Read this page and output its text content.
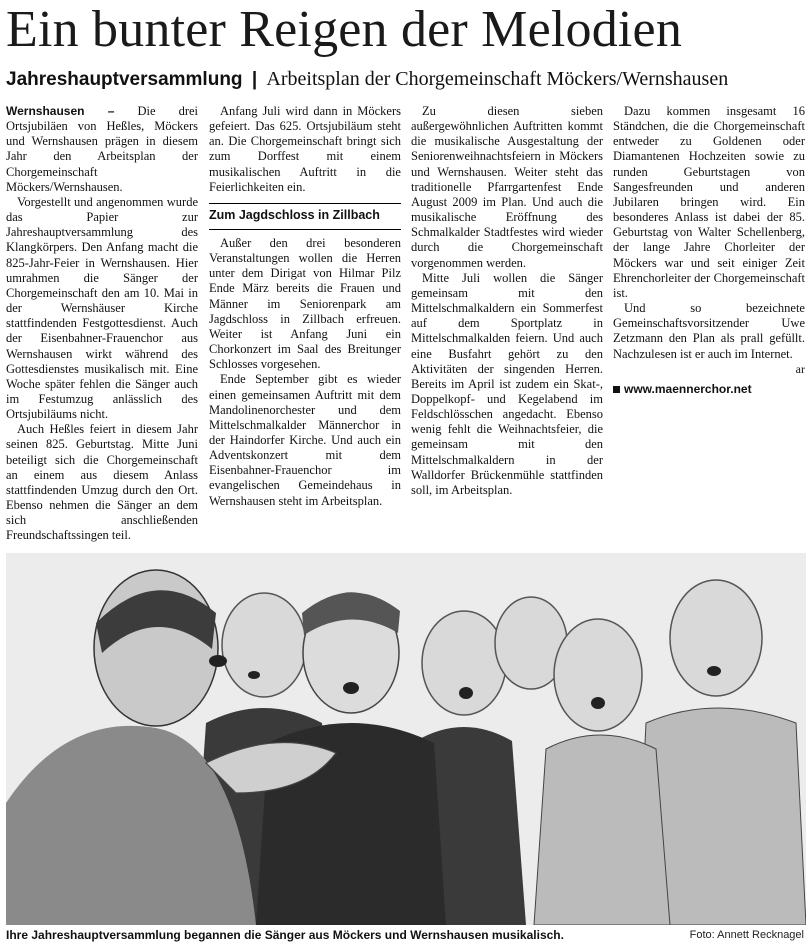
Ein bunter Reigen der Melodien
Jahreshauptversammlung | Arbeitsplan der Chorgemeinschaft Möckers/Wernshausen

Wernshausen – Die drei Ortsjubiläen von Heßles, Möckers und Wernshausen prägen in diesem Jahr den Arbeitsplan der Chorgemeinschaft Möckers/Wernshausen.

Vorgestellt und angenommen wurde das Papier zur Jahreshauptversammlung des Klangkörpers. Den Anfang macht die 825-Jahr-Feier in Wernshausen. Hier umrahmen die Sänger der Chorgemeinschaft den am 10. Mai in der Wernshäuser Kirche stattfindenden Festgottesdienst. Auch der Eisenbahner-Frauenchor aus Wernshausen wirkt während des Gottesdienstes musikalisch mit. Eine Woche später fehlen die Sänger auch im Festumzug anlässlich des Ortsjubiläums nicht.

Auch Heßles feiert in diesem Jahr seinen 825. Geburtstag. Mitte Juni beteiligt sich die Chorgemeinschaft an einem aus diesem Anlass stattfindenden Umzug durch den Ort. Ebenso nehmen die Sänger an dem sich anschließenden Freundschaftssingen teil.

Anfang Juli wird dann in Möckers gefeiert. Das 625. Ortsjubiläum steht an. Die Chorgemeinschaft bringt sich zum Dorffest mit einem musikalischen Auftritt in die Feierlichkeiten ein.

Zum Jagdschloss in Zillbach

Außer den drei besonderen Veranstaltungen wollen die Herren unter dem Dirigat von Hilmar Pilz Ende März bereits die Frauen und Männer im Seniorenpark am Jagdschloss in Zillbach erfreuen. Weiter ist Anfang Juni ein Chorkonzert im Saal des Breitunger Schlosses vorgesehen.

Ende September gibt es wieder einen gemeinsamen Auftritt mit dem Mandolinenorchester und dem Mittelschmalkalder Männerchor in der Haindorfer Kirche. Und auch ein Adventskonzert mit dem Eisenbahner-Frauenchor im evangelischen Gemeindehaus in Wernshausen steht im Arbeitsplan.

Zu diesen sieben außergewöhnlichen Auftritten kommt die musikalische Ausgestaltung der Seniorenweihnachtsfeiern in Möckers und Wernshausen. Weiter steht das traditionelle Pfarrgartenfest Ende August 2009 im Plan. Und auch die musikalische Eröffnung des Schmalkalder Stadtfestes wird wieder durch die Chorgemeinschaft vorgenommen werden.

Mitte Juli wollen die Sänger gemeinsam mit den Mittelschmalkaldern ein Sommerfest auf dem Sportplatz in Mittelschmalkalden feiern. Und auch eine Busfahrt gehört zu den Aktivitäten der singenden Herren. Bereits im April ist zudem ein Skat-, Doppelkopf- und Kegelabend im Feldschlösschen angedacht. Ebenso wenig fehlt die Weihnachtsfeier, die gemeinsam mit den Mittelschmalkaldern in der Walldorfer Brückenmühle stattfinden soll, im Arbeitsplan.

Dazu kommen insgesamt 16 Ständchen, die die Chorgemeinschaft entweder zu Goldenen oder Diamantenen Hochzeiten sowie zu runden Geburtstagen von Sangesfreunden und anderen Jubilaren bringen wird. Ein besonderes Anlass ist dabei der 85. Geburtstag von Walter Schellenberg, der lange Jahre Chorleiter der Möckers war und seit einiger Zeit Ehrenchorleiter der Chorgemeinschaft ist.

Und so bezeichnete Gemeinschaftsvorsitzender Uwe Zetzmann den Plan als prall gefüllt. Nachzulesen ist er auch im Internet.

ar
www.maennerchor.net
Ihre Jahreshauptversammlung begannen die Sänger aus Möckers und Wernshausen musikalisch.	Foto: Annett Recknagel
